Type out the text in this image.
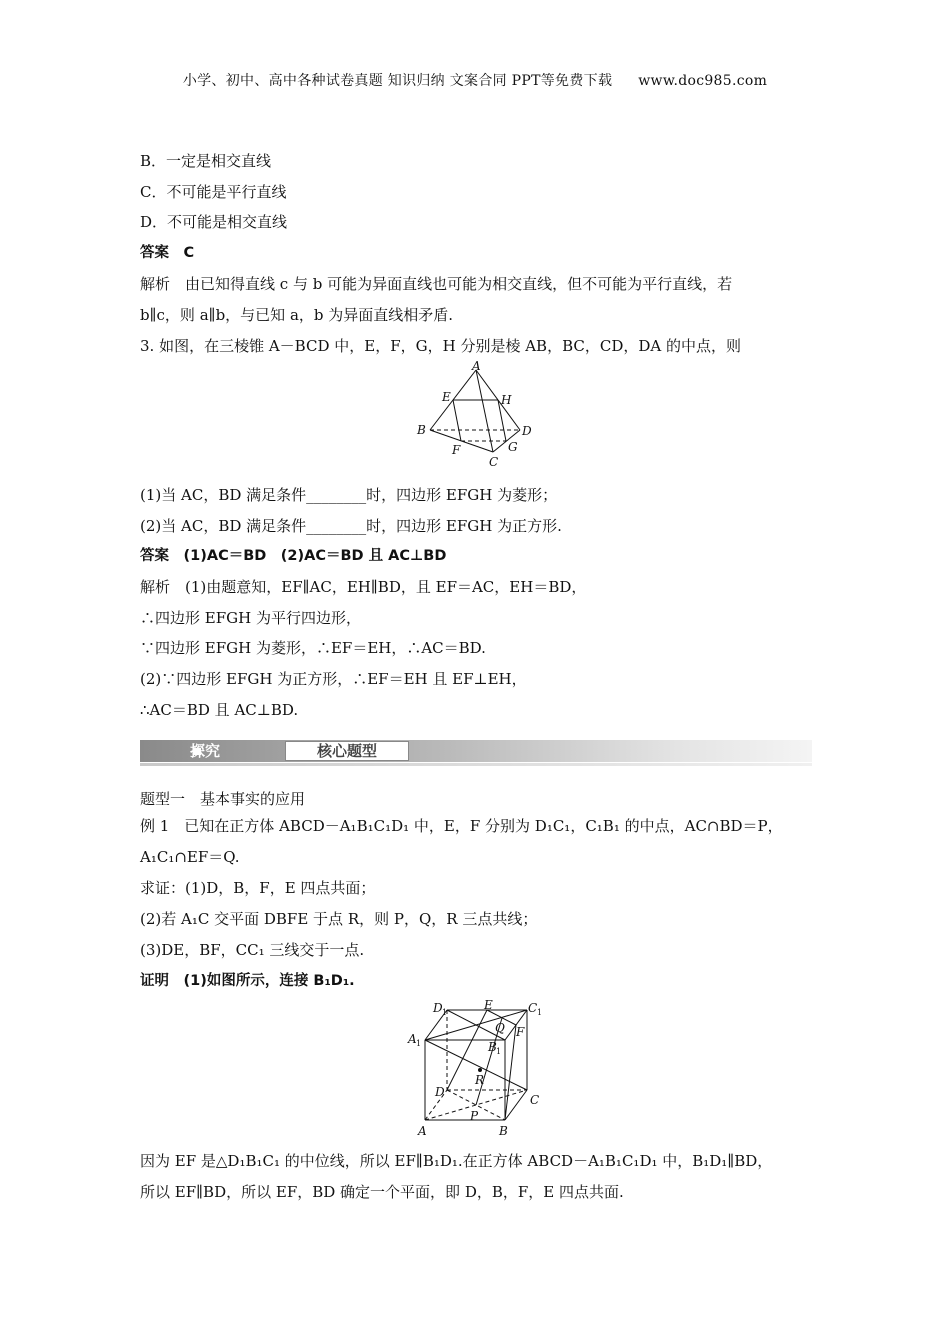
小学、初中、高中各种试卷真题 知识归纳 文案合同 PPT等免费下载 www.doc985.com
B．一定是相交直线
C．不可能是平行直线
D．不可能是相交直线
答案　C
解析　由已知得直线 c 与 b 可能为异面直线也可能为相交直线，但不可能为平行直线，若
b∥c，则 a∥b，与已知 a，b 为异面直线相矛盾.
3. 如图，在三棱锥 A－BCD 中，E，F，G，H 分别是棱 AB，BC，CD，DA 的中点，则
A
E	H
B	D
F	G
C
(1)当 AC，BD 满足条件________时，四边形 EFGH 为菱形；
(2)当 AC，BD 满足条件________时，四边形 EFGH 为正方形.
答案　(1)AC＝BD　(2)AC＝BD 且 AC⊥BD
解析　(1)由题意知，EF∥AC，EH∥BD，且 EF＝AC，EH＝BD，
∴四边形 EFGH 为平行四边形，
∵四边形 EFGH 为菱形，∴EF＝EH，∴AC＝BD.
(2)∵四边形 EFGH 为正方形，∴EF＝EH 且 EF⊥EH，
∴AC＝BD 且 AC⊥BD.
探究	核心题型
题型一　基本事实的应用
例 1　已知在正方体 ABCD－A₁B₁C₁D₁ 中，E，F 分别为 D₁C₁，C₁B₁ 的中点，AC∩BD＝P，
A₁C₁∩EF＝Q.
求证：(1)D，B，F，E 四点共面；
(2)若 A₁C 交平面 DBFE 于点 R，则 P，Q，R 三点共线；
(3)DE，BF，CC₁ 三线交于一点.
证明　(1)如图所示，连接 B₁D₁.
D 1
E	C 1
A 1
Q F
B 1
R
D
C
P
A	B
因为 EF 是△D₁B₁C₁ 的中位线，所以 EF∥B₁D₁.在正方体 ABCD－A₁B₁C₁D₁ 中，B₁D₁∥BD，
所以 EF∥BD，所以 EF，BD 确定一个平面，即 D，B，F，E 四点共面.
